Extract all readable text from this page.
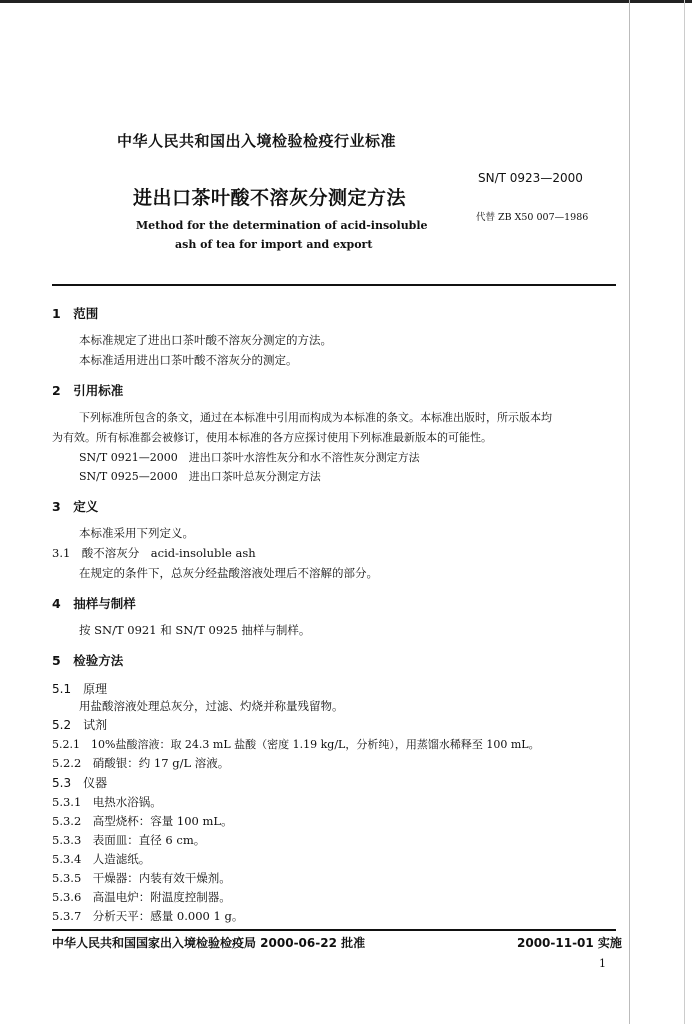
中华人民共和国出入境检验检疫行业标准
SN/T 0923—2000
进出口茶叶酸不溶灰分测定方法
代替 ZB X50 007—1986
Method for the determination of acid-insoluble
ash of tea for import and export
1　范围
本标准规定了进出口茶叶酸不溶灰分测定的方法。
本标准适用进出口茶叶酸不溶灰分的测定。
2　引用标准
下列标准所包含的条文，通过在本标准中引用而构成为本标准的条文。本标准出版时，所示版本均
为有效。所有标准都会被修订，使用本标准的各方应探讨使用下列标准最新版本的可能性。
SN/T 0921—2000　进出口茶叶水溶性灰分和水不溶性灰分测定方法
SN/T 0925—2000　进出口茶叶总灰分测定方法
3　定义
本标准采用下列定义。
3.1　酸不溶灰分　acid-insoluble ash
在规定的条件下，总灰分经盐酸溶液处理后不溶解的部分。
4　抽样与制样
按 SN/T 0921 和 SN/T 0925 抽样与制样。
5　检验方法
5.1　原理
用盐酸溶液处理总灰分，过滤、灼烧并称量残留物。
5.2　试剂
5.2.1　10%盐酸溶液：取 24.3 mL 盐酸（密度 1.19 kg/L，分析纯），用蒸馏水稀释至 100 mL。
5.2.2　硝酸银：约 17 g/L 溶液。
5.3　仪器
5.3.1　电热水浴锅。
5.3.2　高型烧杯：容量 100 mL。
5.3.3　表面皿：直径 6 cm。
5.3.4　人造滤纸。
5.3.5　干燥器：内装有效干燥剂。
5.3.6　高温电炉：附温度控制器。
5.3.7　分析天平：感量 0.000 1 g。
中华人民共和国国家出入境检验检疫局 2000-06-22 批准	2000-11-01 实施
1
